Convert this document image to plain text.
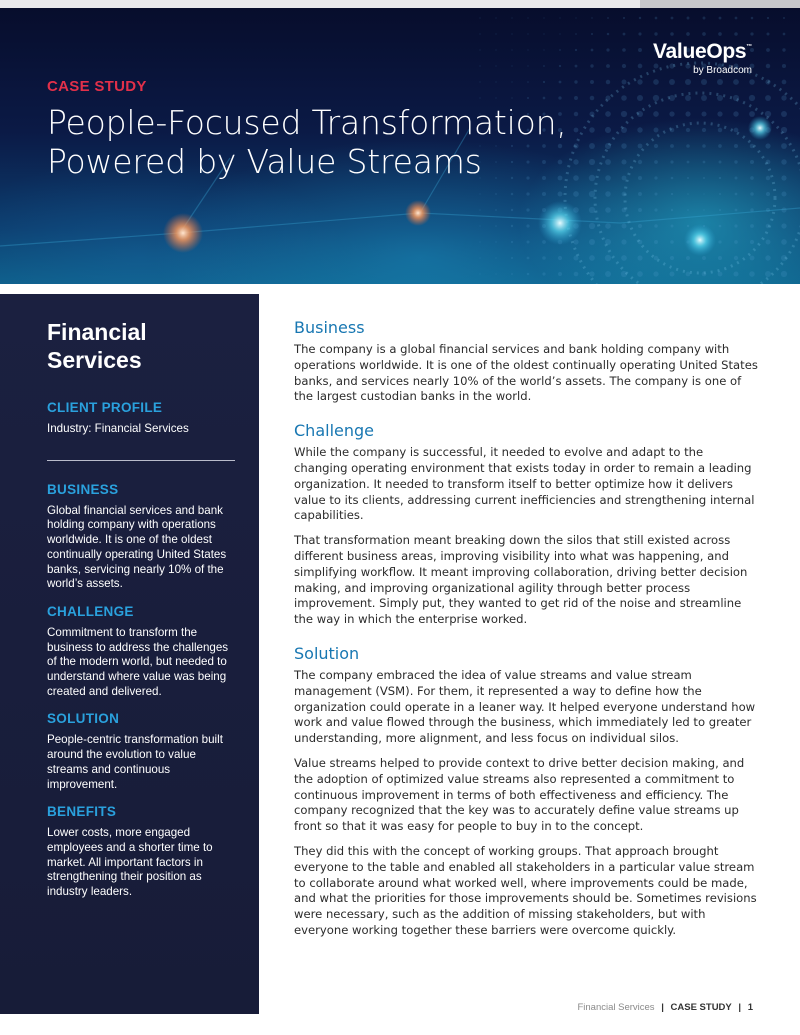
CASE STUDY
People-Focused Transformation,
Powered by Value Streams
ValueOps™
by Broadcom
Financial Services
CLIENT PROFILE
Industry: Financial Services
BUSINESS
Global financial services and bank holding company with operations worldwide. It is one of the oldest continually operating United States banks, servicing nearly 10% of the world’s assets.
CHALLENGE
Commitment to transform the business to address the challenges of the modern world, but needed to understand where value was being created and delivered.
SOLUTION
People-centric transformation built around the evolution to value streams and continuous improvement.
BENEFITS
Lower costs, more engaged employees and a shorter time to market. All important factors in strengthening their position as industry leaders.
Business

The company is a global financial services and bank holding company with operations worldwide. It is one of the oldest continually operating United States banks, and services nearly 10% of the world’s assets. The company is one of the largest custodian banks in the world.

Challenge

While the company is successful, it needed to evolve and adapt to the changing operating environment that exists today in order to remain a leading organization. It needed to transform itself to better optimize how it delivers value to its clients, addressing current inefficiencies and strengthening internal capabilities.

That transformation meant breaking down the silos that still existed across different business areas, improving visibility into what was happening, and simplifying workflow. It meant improving collaboration, driving better decision making, and improving organizational agility through better process improvement. Simply put, they wanted to get rid of the noise and streamline the way in which the enterprise worked.

Solution

The company embraced the idea of value streams and value stream management (VSM). For them, it represented a way to define how the organization could operate in a leaner way. It helped everyone understand how work and value flowed through the business, which immediately led to greater understanding, more alignment, and less focus on individual silos.

Value streams helped to provide context to drive better decision making, and the adoption of optimized value streams also represented a commitment to continuous improvement in terms of both effectiveness and efficiency. The company recognized that the key was to accurately define value streams up front so that it was easy for people to buy in to the concept.

They did this with the concept of working groups. That approach brought everyone to the table and enabled all stakeholders in a particular value stream to collaborate around what worked well, where improvements could be made, and what the priorities for those improvements should be. Sometimes revisions were necessary, such as the addition of missing stakeholders, but with everyone working together these barriers were overcome quickly.

Financial Services | CASE STUDY | 1
